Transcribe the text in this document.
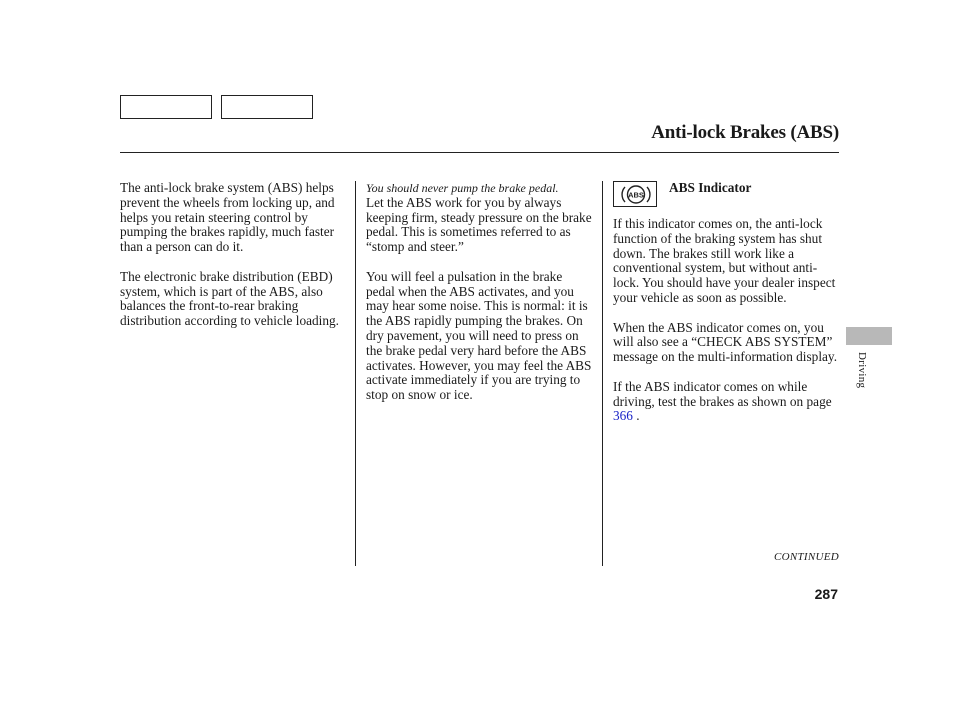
Anti-lock Brakes (ABS)

The anti-lock brake system (ABS) helps prevent the wheels from locking up, and helps you retain steering control by pumping the brakes rapidly, much faster than a person can do it.

The electronic brake distribution (EBD) system, which is part of the ABS, also balances the front-to-rear braking distribution according to vehicle loading.

You should never pump the brake pedal.

Let the ABS work for you by always keeping firm, steady pressure on the brake pedal. This is sometimes referred to as “stomp and steer.”

You will feel a pulsation in the brake pedal when the ABS activates, and you may hear some noise. This is normal: it is the ABS rapidly pumping the brakes. On dry pavement, you will need to press on the brake pedal very hard before the ABS activates. However, you may feel the ABS activate immediately if you are trying to stop on snow or ice.

ABS ABS Indicator

If this indicator comes on, the anti-lock function of the braking system has shut down. The brakes still work like a conventional system, but without anti-lock. You should have your dealer inspect your vehicle as soon as possible.

When the ABS indicator comes on, you will also see a “CHECK ABS SYSTEM” message on the multi-information display.

If the ABS indicator comes on while driving, test the brakes as shown on page 366 .

CONTINUED
287
Driving
